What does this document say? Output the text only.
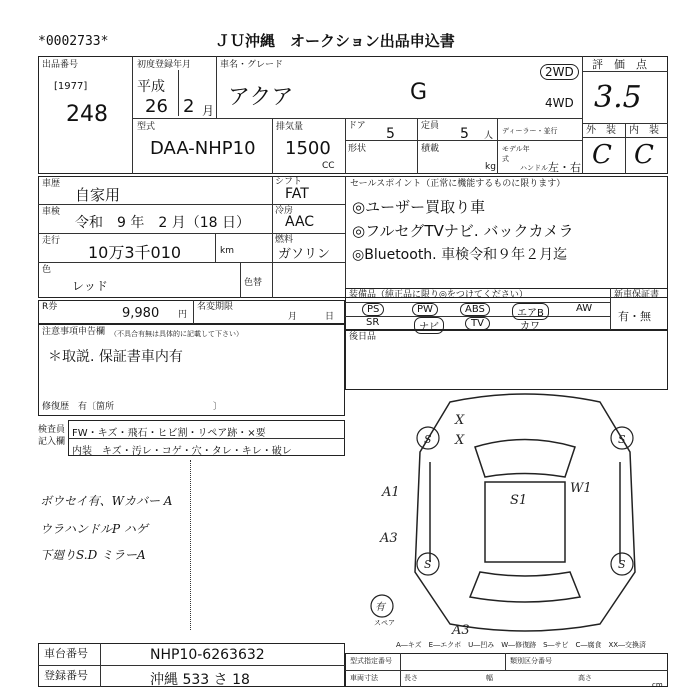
*0002733*	ＪＵ沖縄　オークション出品申込書
出品番号
[1977]
248
初度登録年月
平成
26 2 月
車名・グレード
アクア	G
2WD
4WD
評　価　点
3.5
型式
DAA-NHP10
排気量
1500
CC
ドア 5	定員 5 人
形状	積載
kg
ディーラー・並行
モデル年式
ハンドル 左・右
外　装 内　装
C C
車歴
自家用
車検
令和　9 年　2 月（18 日）
走行
10万3千010	km
色
レッド	色替
シフト
FAT
冷房
AAC
燃料
ガソリン
セールスポイント（正常に機能するものに限ります）
◎ユーザー買取り車
◎フルセグTVナビ. バックカメラ
◎Bluetooth. 車検令和９年２月迄
R券	9,980 円
名変期限
月	日
装備品（純正品に限り◎をつけてください）	新車保証書
有・無
PS	PW	ABS	エアB	AW
SR	ナビ	TV	カワ
注意事項申告欄 （不具合有無は具体的に記載して下さい）
＊取説. 保証書車内有
修復歴　有〔箇所　　　　　　　　　　　〕
後日品
検査員記入欄
FW・キズ・飛石・ヒビ割・リペア跡・×要
内装　キズ・汚レ・コゲ・穴・タレ・キレ・破レ
ボウセイ有、Wカバー A
ウラハンドルP ハゲ
下廻りS.D ミラーA
X
X
S	S
S1
W1
A1
A3
S	S
A3
有
スペア
A―キズ　E―エクボ　U―凹み　W―修復跡　S―サビ　C―腐食　XX―交換済
車台番号	NHP10-6263632
登録番号	沖縄 533 さ 18
型式指定番号	類別区分番号
車両寸法	長さ	幅	高さ
cm
